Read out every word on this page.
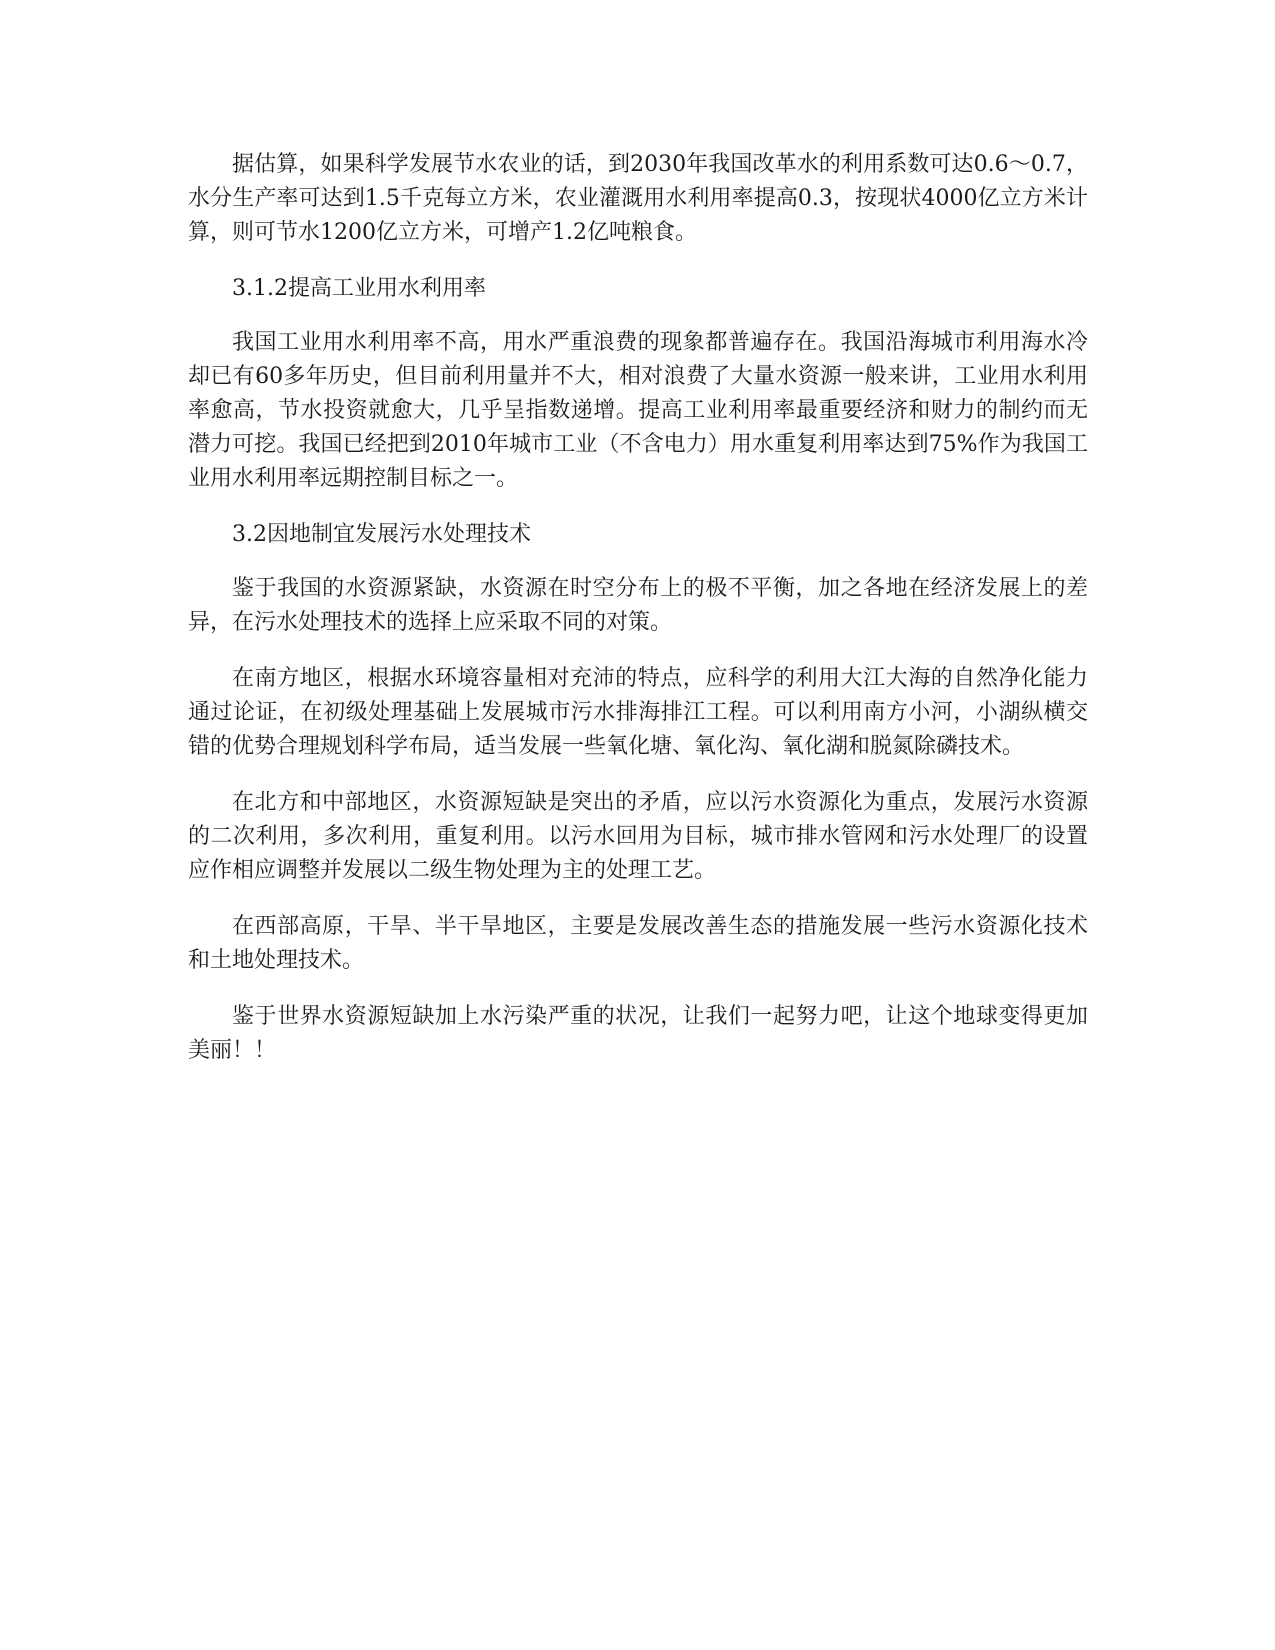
据估算，如果科学发展节水农业的话，到2030年我国改革水的利用系数可达0.6～0.7，水分生产率可达到1.5千克每立方米，农业灌溉用水利用率提高0.3，按现状4000亿立方米计算，则可节水1200亿立方米，可增产1.2亿吨粮食。

3.1.2提高工业用水利用率

我国工业用水利用率不高，用水严重浪费的现象都普遍存在。我国沿海城市利用海水冷却已有60多年历史，但目前利用量并不大，相对浪费了大量水资源一般来讲，工业用水利用率愈高，节水投资就愈大，几乎呈指数递增。提高工业利用率最重要经济和财力的制约而无潜力可挖。我国已经把到2010年城市工业（不含电力）用水重复利用率达到75%作为我国工业用水利用率远期控制目标之一。

3.2因地制宜发展污水处理技术

鉴于我国的水资源紧缺，水资源在时空分布上的极不平衡，加之各地在经济发展上的差异，在污水处理技术的选择上应采取不同的对策。

在南方地区，根据水环境容量相对充沛的特点，应科学的利用大江大海的自然净化能力通过论证，在初级处理基础上发展城市污水排海排江工程。可以利用南方小河，小湖纵横交错的优势合理规划科学布局，适当发展一些氧化塘、氧化沟、氧化湖和脱氮除磷技术。

在北方和中部地区，水资源短缺是突出的矛盾，应以污水资源化为重点，发展污水资源的二次利用，多次利用，重复利用。以污水回用为目标，城市排水管网和污水处理厂的设置应作相应调整并发展以二级生物处理为主的处理工艺。

在西部高原，干旱、半干旱地区，主要是发展改善生态的措施发展一些污水资源化技术和土地处理技术。

鉴于世界水资源短缺加上水污染严重的状况，让我们一起努力吧，让这个地球变得更加美丽！！
